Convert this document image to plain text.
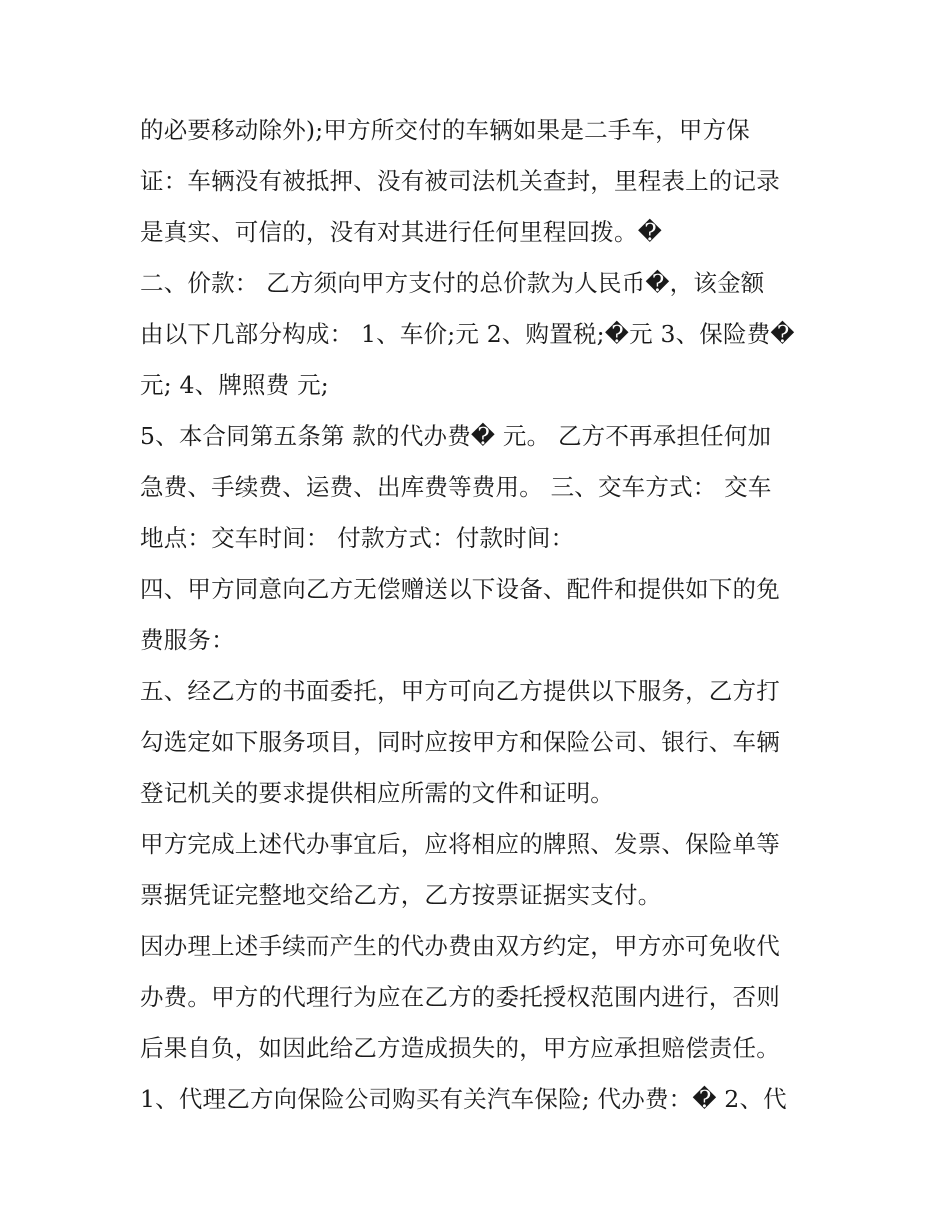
的必要移动除外);甲方所交付的车辆如果是二手车，甲方保
证：车辆没有被抵押、没有被司法机关查封，里程表上的记录
是真实、可信的，没有对其进行任何里程回拨。�
二、价款： 乙方须向甲方支付的总价款为人民币�，该金额
由以下几部分构成： 1、车价;元 2、购置税;�元 3、保险费�
元; 4、牌照费 元;
5、本合同第五条第 款的代办费� 元。 乙方不再承担任何加
急费、手续费、运费、出库费等费用。 三、交车方式： 交车
地点：交车时间： 付款方式：付款时间：
四、甲方同意向乙方无偿赠送以下设备、配件和提供如下的免
费服务：
五、经乙方的书面委托，甲方可向乙方提供以下服务，乙方打
勾选定如下服务项目，同时应按甲方和保险公司、银行、车辆
登记机关的要求提供相应所需的文件和证明。
甲方完成上述代办事宜后，应将相应的牌照、发票、保险单等
票据凭证完整地交给乙方，乙方按票证据实支付。
因办理上述手续而产生的代办费由双方约定，甲方亦可免收代
办费。甲方的代理行为应在乙方的委托授权范围内进行，否则
后果自负，如因此给乙方造成损失的，甲方应承担赔偿责任。
1、代理乙方向保险公司购买有关汽车保险; 代办费：� 2、代
